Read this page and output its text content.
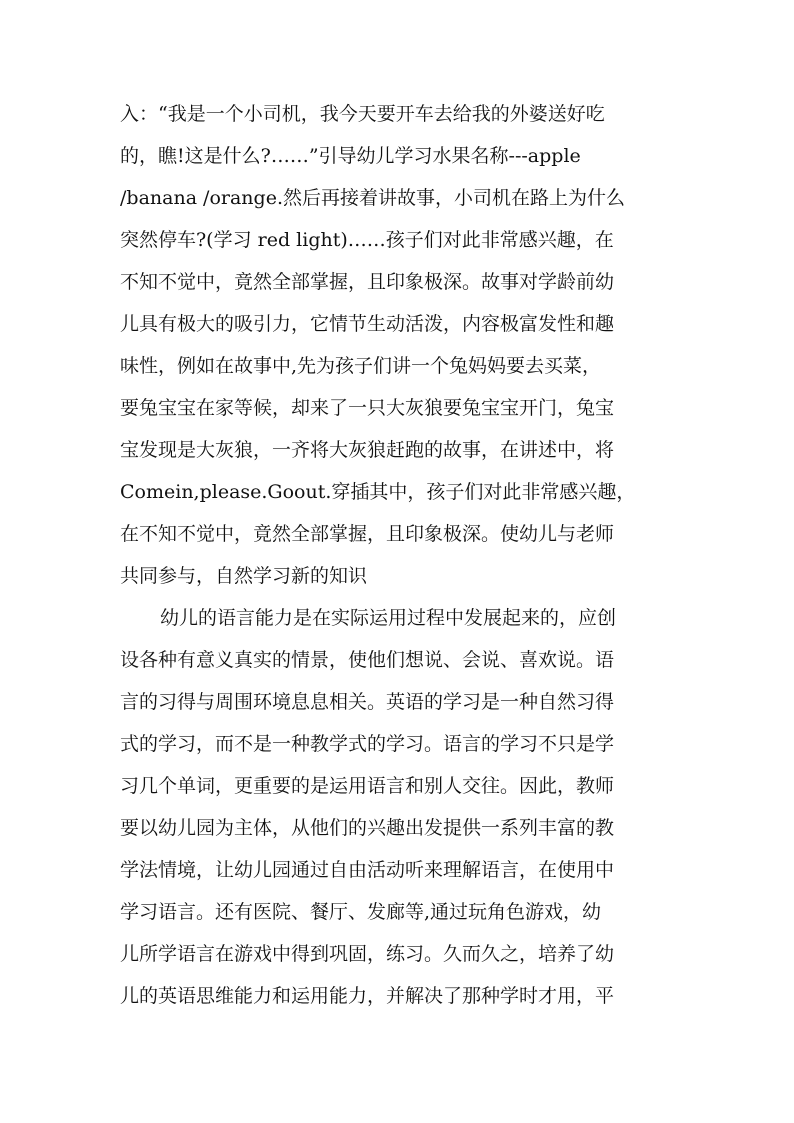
入：“我是一个小司机，我今天要开车去给我的外婆送好吃
的，瞧!这是什么?……”引导幼儿学习水果名称---apple
/banana /orange.然后再接着讲故事，小司机在路上为什么
突然停车?(学习 red light)……孩子们对此非常感兴趣，在
不知不觉中，竟然全部掌握，且印象极深。故事对学龄前幼
儿具有极大的吸引力，它情节生动活泼，内容极富发性和趣
味性，例如在故事中,先为孩子们讲一个兔妈妈要去买菜，
要兔宝宝在家等候，却来了一只大灰狼要兔宝宝开门，兔宝
宝发现是大灰狼，一齐将大灰狼赶跑的故事，在讲述中，将
Comein,please.Goout.穿插其中，孩子们对此非常感兴趣，
在不知不觉中，竟然全部掌握，且印象极深。使幼儿与老师
共同参与，自然学习新的知识
幼儿的语言能力是在实际运用过程中发展起来的，应创
设各种有意义真实的情景，使他们想说、会说、喜欢说。语
言的习得与周围环境息息相关。英语的学习是一种自然习得
式的学习，而不是一种教学式的学习。语言的学习不只是学
习几个单词，更重要的是运用语言和别人交往。因此，教师
要以幼儿园为主体，从他们的兴趣出发提供一系列丰富的教
学法情境，让幼儿园通过自由活动听来理解语言，在使用中
学习语言。还有医院、餐厅、发廊等,通过玩角色游戏，幼
儿所学语言在游戏中得到巩固，练习。久而久之，培养了幼
儿的英语思维能力和运用能力，并解决了那种学时才用，平
